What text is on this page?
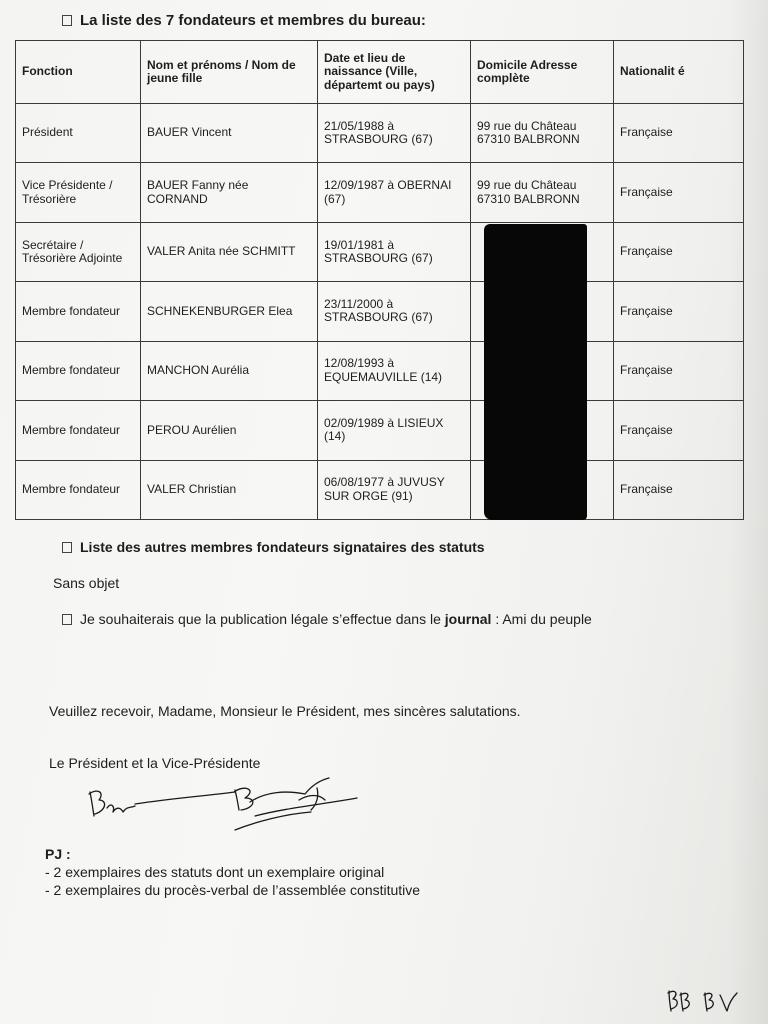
La liste des 7 fondateurs et membres du bureau:
Fonction	Nom et prénoms / Nom de jeune fille	Date et lieu de naissance (Ville, départemt ou pays)	Domicile Adresse complète	Nationalit é
Président	BAUER Vincent	21/05/1988 à STRASBOURG (67)	99 rue du Château 67310 BALBRONN	Française
Vice Présidente / Trésorière	BAUER Fanny née CORNAND	12/09/1987 à OBERNAI (67)	99 rue du Château 67310 BALBRONN	Française
Secrétaire / Trésorière Adjointe	VALER Anita née SCHMITT	19/01/1981 à STRASBOURG (67)		Française
Membre fondateur	SCHNEKENBURGER Elea	23/11/2000 à STRASBOURG (67)		Française
Membre fondateur	MANCHON Aurélia	12/08/1993 à EQUEMAUVILLE (14)		Française
Membre fondateur	PEROU Aurélien	02/09/1989 à LISIEUX (14)		Française
Membre fondateur	VALER Christian	06/08/1977 à JUVUSY SUR ORGE (91)		Française
Liste des autres membres fondateurs signataires des statuts
Sans objet
Je souhaiterais que la publication légale s’effectue dans le journal : Ami du peuple
Veuillez recevoir, Madame, Monsieur le Président, mes sincères salutations.
Le Président et la Vice-Présidente
Baus	Bauer
PJ :
- 2 exemplaires des statuts dont un exemplaire original
- 2 exemplaires du procès-verbal de l’assemblée constitutive
FB BV
